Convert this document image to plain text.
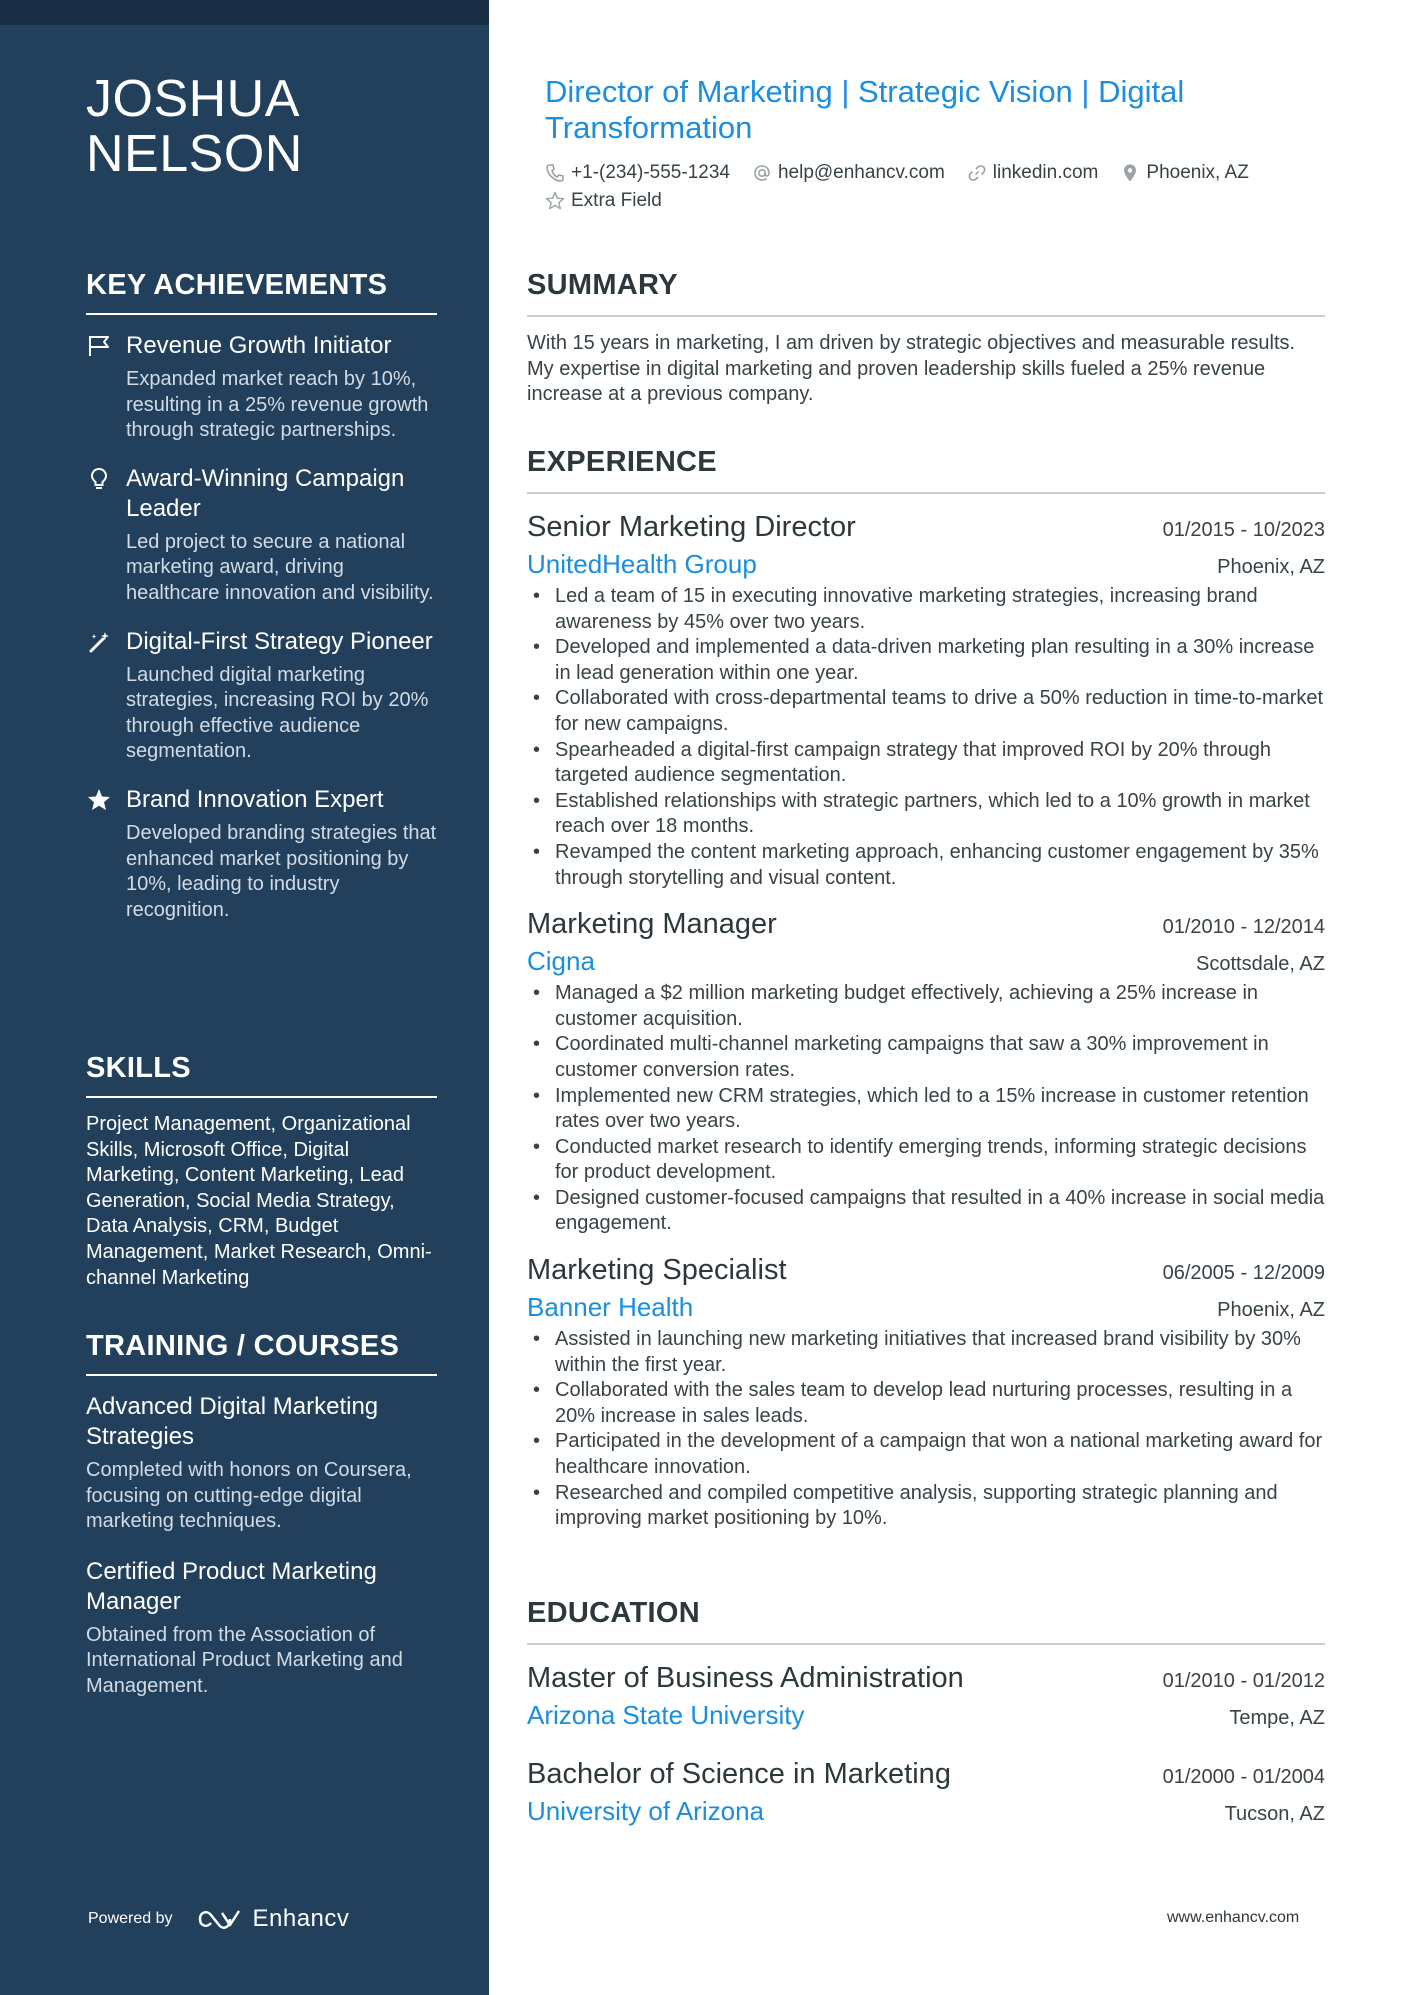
JOSHUA
NELSON
KEY ACHIEVEMENTS
Revenue Growth Initiator
Expanded market reach by 10%, resulting in a 25% revenue growth through strategic partnerships.
Award-Winning Campaign Leader
Led project to secure a national marketing award, driving healthcare innovation and visibility.
Digital-First Strategy Pioneer
Launched digital marketing strategies, increasing ROI by 20% through effective audience segmentation.
Brand Innovation Expert
Developed branding strategies that enhanced market positioning by 10%, leading to industry recognition.
SKILLS
Project Management, Organizational Skills, Microsoft Office, Digital Marketing, Content Marketing, Lead Generation, Social Media Strategy, Data Analysis, CRM, Budget Management, Market Research, Omni-channel Marketing
TRAINING / COURSES
Advanced Digital Marketing Strategies
Completed with honors on Coursera, focusing on cutting-edge digital marketing techniques.
Certified Product Marketing Manager
Obtained from the Association of International Product Marketing and Management.
Powered by	Enhancv
Director of Marketing | Strategic Vision | Digital Transformation
+1-(234)-555-1234	help@enhancv.com	linkedin.com	Phoenix, AZ
Extra Field
SUMMARY
With 15 years in marketing, I am driven by strategic objectives and measurable results. My expertise in digital marketing and proven leadership skills fueled a 25% revenue increase at a previous company.
EXPERIENCE
Senior Marketing Director	01/2015 - 10/2023
UnitedHealth Group	Phoenix, AZ
• Led a team of 15 in executing innovative marketing strategies, increasing brand awareness by 45% over two years.
• Developed and implemented a data-driven marketing plan resulting in a 30% increase in lead generation within one year.
• Collaborated with cross-departmental teams to drive a 50% reduction in time-to-market for new campaigns.
• Spearheaded a digital-first campaign strategy that improved ROI by 20% through targeted audience segmentation.
• Established relationships with strategic partners, which led to a 10% growth in market reach over 18 months.
• Revamped the content marketing approach, enhancing customer engagement by 35% through storytelling and visual content.
Marketing Manager	01/2010 - 12/2014
Cigna	Scottsdale, AZ
• Managed a $2 million marketing budget effectively, achieving a 25% increase in customer acquisition.
• Coordinated multi-channel marketing campaigns that saw a 30% improvement in customer conversion rates.
• Implemented new CRM strategies, which led to a 15% increase in customer retention rates over two years.
• Conducted market research to identify emerging trends, informing strategic decisions for product development.
• Designed customer-focused campaigns that resulted in a 40% increase in social media engagement.
Marketing Specialist	06/2005 - 12/2009
Banner Health	Phoenix, AZ
• Assisted in launching new marketing initiatives that increased brand visibility by 30% within the first year.
• Collaborated with the sales team to develop lead nurturing processes, resulting in a 20% increase in sales leads.
• Participated in the development of a campaign that won a national marketing award for healthcare innovation.
• Researched and compiled competitive analysis, supporting strategic planning and improving market positioning by 10%.
EDUCATION
Master of Business Administration	01/2010 - 01/2012
Arizona State University	Tempe, AZ
Bachelor of Science in Marketing	01/2000 - 01/2004
University of Arizona	Tucson, AZ
www.enhancv.com
